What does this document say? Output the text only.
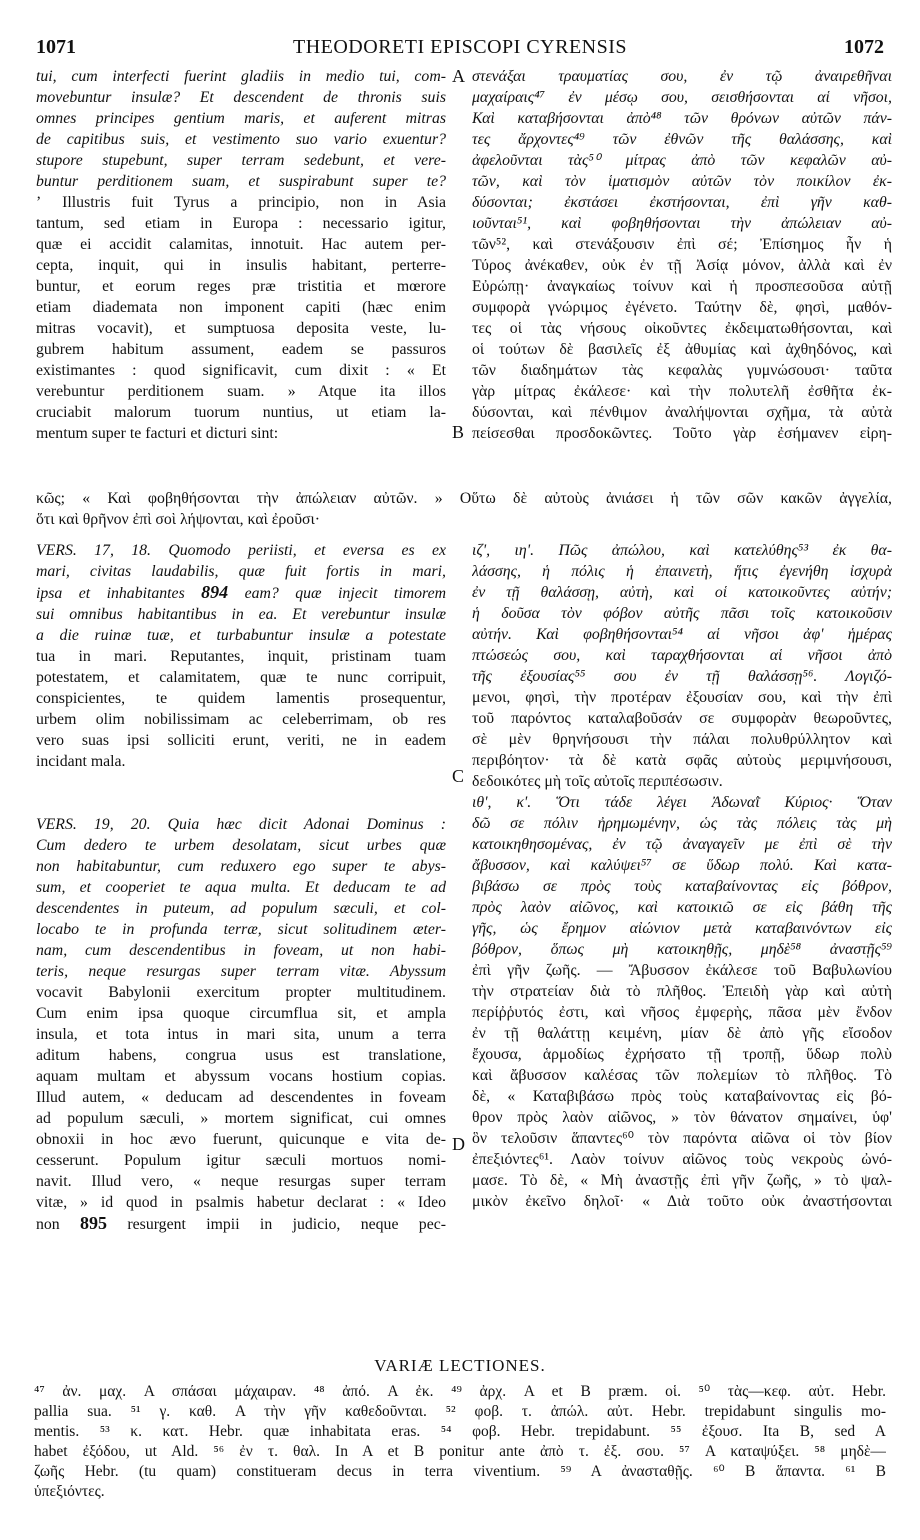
1071	THEODORETI EPISCOPI CYRENSIS	1072
tui, cum interfecti fuerint gladiis in medio tui, com-
movebuntur insulæ? Et descendent de thronis suis
omnes principes gentium maris, et auferent mitras
de capitibus suis, et vestimento suo vario exuentur?
stupore stupebunt, super terram sedebunt, et vere-
buntur perditionem suam, et suspirabunt super te?
ʼ Illustris fuit Tyrus a principio, non in Asia
tantum, sed etiam in Europa : necessario igitur,
quæ ei accidit calamitas, innotuit. Hac autem per-
cepta, inquit, qui in insulis habitant, perterre-
buntur, et eorum reges præ tristitia et mœrore
etiam diademata non imponent capiti (hæc enim
mitras vocavit), et sumptuosa deposita veste, lu-
gubrem habitum assument, eadem se passuros
existimantes : quod significavit, cum dixit : « Et
verebuntur perditionem suam. » Atque ita illos
cruciabit malorum tuorum nuntius, ut etiam la-
mentum super te facturi et dicturi sint:
στενάξαι τραυματίας σου, ἐν τῷ ἀναιρεθῆναι
μαχαίραις⁴⁷ ἐν μέσῳ σου, σεισθήσονται αἱ νῆσοι,
Καὶ καταβήσονται ἀπὸ⁴⁸ τῶν θρόνων αὐτῶν πάν-
τες ἄρχοντες⁴⁹ τῶν ἐθνῶν τῆς θαλάσσης, καὶ
ἀφελοῦνται τὰς⁵⁰ μίτρας ἀπὸ τῶν κεφαλῶν αὐ-
τῶν, καὶ τὸν ἱματισμὸν αὐτῶν τὸν ποικίλον ἐκ-
δύσονται; ἐκστάσει ἐκστήσονται, ἐπὶ γῆν καθ-
ιοῦνται⁵¹, καὶ φοβηθήσονται τὴν ἀπώλειαν αὐ-
τῶν⁵², καὶ στενάξουσιν ἐπὶ σέ; Ἐπίσημος ἦν ἡ
Τύρος ἀνέκαθεν, οὐκ ἐν τῇ Ἀσίᾳ μόνον, ἀλλὰ καὶ ἐν
Εὐρώπῃ· ἀναγκαίως τοίνυν καὶ ἡ προσπεσοῦσα αὐτῇ
συμφορὰ γνώριμος ἐγένετο. Ταύτην δὲ, φησὶ, μαθόν-
τες οἱ τὰς νήσους οἰκοῦντες ἐκδειματωθήσονται, καὶ
οἱ τούτων δὲ βασιλεῖς ἐξ ἀθυμίας καὶ ἀχθηδόνος, καὶ
τῶν διαδημάτων τὰς κεφαλὰς γυμνώσουσι· ταῦτα
γὰρ μίτρας ἐκάλεσε· καὶ τὴν πολυτελῆ ἐσθῆτα ἐκ-
δύσονται, καὶ πένθιμον ἀναλήψονται σχῆμα, τὰ αὐτὰ
πείσεσθαι προσδοκῶντες. Τοῦτο γὰρ ἐσήμανεν εἰρη-
κῶς; « Καὶ φοβηθήσονται τὴν ἀπώλειαν αὐτῶν. » Οὕτω δὲ αὐτοὺς ἀνιάσει ἡ τῶν σῶν κακῶν ἀγγελία,
ὅτι καὶ θρῆνον ἐπὶ σοὶ λήψονται, καὶ ἐροῦσι·
VERS. 17, 18. Quomodo periisti, et eversa es ex
mari, civitas laudabilis, quæ fuit fortis in mari,
ipsa et inhabitantes 894 eam? quæ injecit timorem
sui omnibus habitantibus in ea. Et verebuntur insulæ
a die ruinæ tuæ, et turbabuntur insulæ a potestate
tua in mari. Reputantes, inquit, pristinam tuam
potestatem, et calamitatem, quæ te nunc corripuit,
conspicientes, te quidem lamentis prosequentur,
urbem olim nobilissimam ac celeberrimam, ob res
vero suas ipsi solliciti erunt, veriti, ne in eadem
incidant mala.
VERS. 19, 20. Quia hæc dicit Adonai Dominus :
Cum dedero te urbem desolatam, sicut urbes quæ
non habitabuntur, cum reduxero ego super te abys-
sum, et cooperiet te aqua multa. Et deducam te ad
descendentes in puteum, ad populum sæculi, et col-
locabo te in profunda terræ, sicut solitudinem æter-
nam, cum descendentibus in foveam, ut non habi-
teris, neque resurgas super terram vitæ. Abyssum
vocavit Babylonii exercitum propter multitudinem.
Cum enim ipsa quoque circumflua sit, et ampla
insula, et tota intus in mari sita, unum a terra
aditum habens, congrua usus est translatione,
aquam multam et abyssum vocans hostium copias.
Illud autem, « deducam ad descendentes in foveam
ad populum sæculi, » mortem significat, cui omnes
obnoxii in hoc ævo fuerunt, quicunque e vita de-
cesserunt. Populum igitur sæculi mortuos nomi-
navit. Illud vero, « neque resurgas super terram
vitæ, » id quod in psalmis habetur declarat : « Ideo
non 895 resurgent impii in judicio, neque pec-
ιζ', ιη'. Πῶς ἀπώλου, καὶ κατελύθης⁵³ ἐκ θα-
λάσσης, ἡ πόλις ἡ ἐπαινετὴ, ἥτις ἐγενήθη ἰσχυρὰ
ἐν τῇ θαλάσσῃ, αὐτὴ, καὶ οἱ κατοικοῦντες αὐτήν;
ἡ δοῦσα τὸν φόβον αὐτῆς πᾶσι τοῖς κατοικοῦσιν
αὐτήν. Καὶ φοβηθήσονται⁵⁴ αἱ νῆσοι ἀφ' ἡμέρας
πτώσεώς σου, καὶ ταραχθήσονται αἱ νῆσοι ἀπὸ
τῆς ἐξουσίας⁵⁵ σου ἐν τῇ θαλάσσῃ⁵⁶. Λογιζό-
μενοι, φησὶ, τὴν προτέραν ἐξουσίαν σου, καὶ τὴν ἐπὶ
τοῦ παρόντος καταλαβοῦσάν σε συμφορὰν θεωροῦντες,
σὲ μὲν θρηνήσουσι τὴν πάλαι πολυθρύλλητον καὶ
περιβόητον· τὰ δὲ κατὰ σφᾶς αὐτοὺς μεριμνήσουσι,
δεδοικότες μὴ τοῖς αὐτοῖς περιπέσωσιν.
ιθ', κ'. Ὅτι τάδε λέγει Ἀδωναῒ Κύριος· Ὅταν
δῶ σε πόλιν ἠρημωμένην, ὡς τὰς πόλεις τὰς μὴ
κατοικηθησομένας, ἐν τῷ ἀναγαγεῖν με ἐπὶ σὲ τὴν
ἄβυσσον, καὶ καλύψει⁵⁷ σε ὕδωρ πολύ. Καὶ κατα-
βιβάσω σε πρὸς τοὺς καταβαίνοντας εἰς βόθρον,
πρὸς λαὸν αἰῶνος, καὶ κατοικιῶ σε εἰς βάθη τῆς
γῆς, ὡς ἔρημον αἰώνιον μετὰ καταβαινόντων εἰς
βόθρον, ὅπως μὴ κατοικηθῇς, μηδὲ⁵⁸ ἀναστῇς⁵⁹
ἐπὶ γῆν ζωῆς. — Ἄβυσσον ἐκάλεσε τοῦ Βαβυλωνίου
τὴν στρατείαν διὰ τὸ πλῆθος. Ἐπειδὴ γὰρ καὶ αὐτὴ
περίῤῥυτός ἐστι, καὶ νῆσος ἐμφερὴς, πᾶσα μὲν ἔνδον
ἐν τῇ θαλάττῃ κειμένη, μίαν δὲ ἀπὸ γῆς εἴσοδον
ἔχουσα, ἁρμοδίως ἐχρήσατο τῇ τροπῇ, ὕδωρ πολὺ
καὶ ἄβυσσον καλέσας τῶν πολεμίων τὸ πλῆθος. Τὸ
δὲ, « Καταβιβάσω πρὸς τοὺς καταβαίνοντας εἰς βό-
θρον πρὸς λαὸν αἰῶνος, » τὸν θάνατον σημαίνει, ὑφ'
ὃν τελοῦσιν ἅπαντες⁶⁰ τὸν παρόντα αἰῶνα οἱ τὸν βίον
ἐπεξιόντες⁶¹. Λαὸν τοίνυν αἰῶνος τοὺς νεκροὺς ὠνό-
μασε. Τὸ δὲ, « Μὴ ἀναστῇς ἐπὶ γῆν ζωῆς, » τὸ ψαλ-
μικὸν ἐκεῖνο δηλοῖ· « Διὰ τοῦτο οὐκ ἀναστήσονται
A
B
C
D
VARIÆ LECTIONES.
⁴⁷ ἀν. μαχ. A σπάσαι μάχαιραν. ⁴⁸ ἀπό. A ἐκ. ⁴⁹ ἀρχ. A et B præm. οἱ. ⁵⁰ τὰς—κεφ. αὐτ. Hebr.
pallia sua. ⁵¹ γ. καθ. A τὴν γῆν καθεδοῦνται. ⁵² φοβ. τ. ἀπώλ. αὐτ. Hebr. trepidabunt singulis mo-
mentis. ⁵³ κ. κατ. Hebr. quæ inhabitata eras. ⁵⁴ φοβ. Hebr. trepidabunt. ⁵⁵ ἐξουσ. Ita B, sed A
habet ἐξόδου, ut Ald. ⁵⁶ ἐν τ. θαλ. In A et B ponitur ante ἀπὸ τ. ἐξ. σου. ⁵⁷ A καταψύξει. ⁵⁸ μηδὲ—
ζωῆς Hebr. (tu quam) constitueram decus in terra viventium. ⁵⁹ A ἀνασταθῇς. ⁶⁰ B ἅπαντα. ⁶¹ B
ὑπεξιόντες.
